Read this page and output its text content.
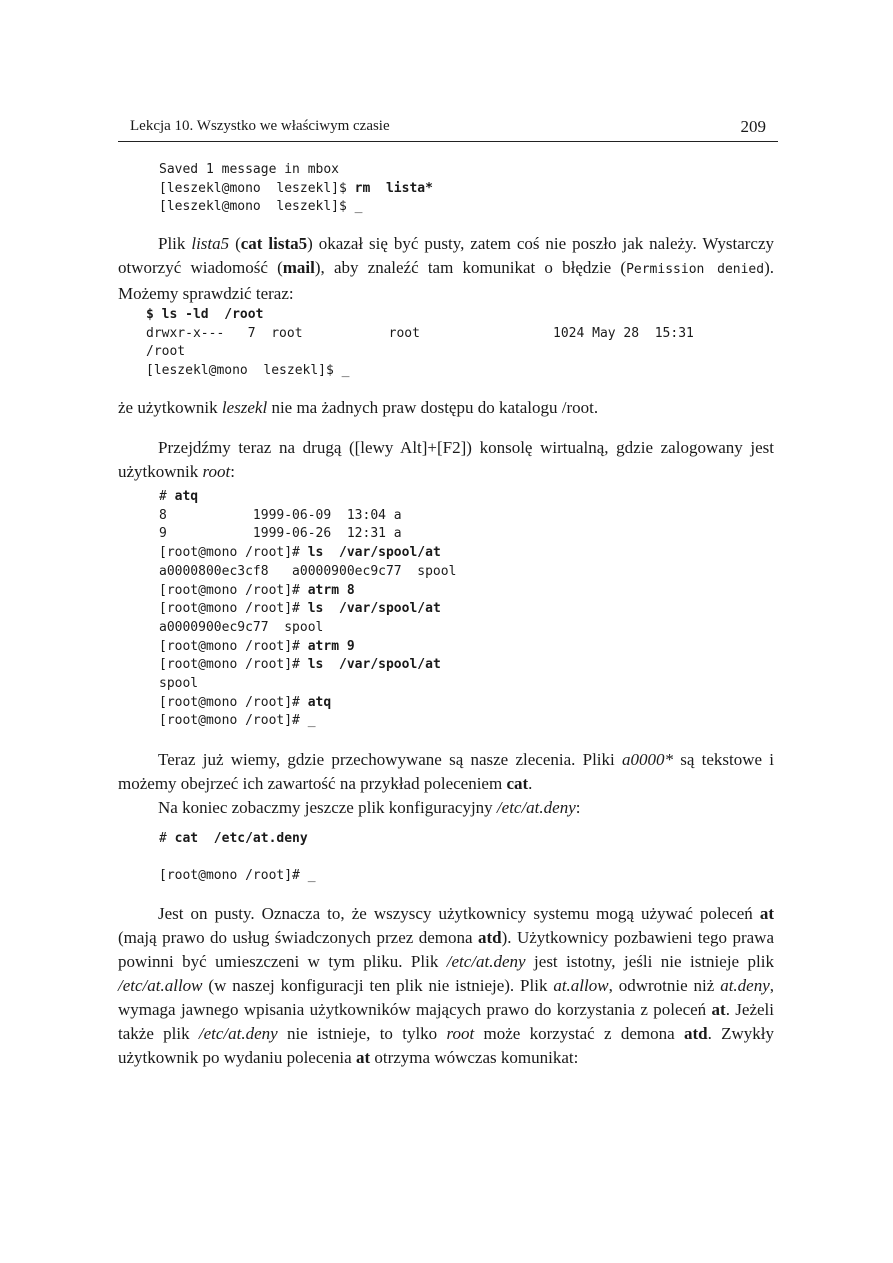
Lekcja 10. Wszystko we właściwym czasie	209
Saved 1 message in mbox
[leszekl@mono  leszekl]$ rm  lista*
[leszekl@mono  leszekl]$ _

Plik lista5 (cat lista5) okazał się być pusty, zatem coś nie poszło jak należy. Wystarczy otworzyć wiadomość (mail), aby znaleźć tam komunikat o błędzie (Permission denied). Możemy sprawdzić teraz:

$ ls -ld  /root
drwxr-x---   7  root           root                 1024 May 28  15:31
/root
[leszekl@mono  leszekl]$ _

że użytkownik leszekl nie ma żadnych praw dostępu do katalogu /root.

Przejdźmy teraz na drugą ([lewy Alt]+[F2]) konsolę wirtualną, gdzie zalogowany jest użytkownik root:

# atq
8           1999-06-09  13:04 a
9           1999-06-26  12:31 a
[root@mono /root]# ls  /var/spool/at
a0000800ec3cf8   a0000900ec9c77  spool
[root@mono /root]# atrm 8
[root@mono /root]# ls  /var/spool/at
a0000900ec9c77  spool
[root@mono /root]# atrm 9
[root@mono /root]# ls  /var/spool/at
spool
[root@mono /root]# atq
[root@mono /root]# _

Teraz już wiemy, gdzie przechowywane są nasze zlecenia. Pliki a0000* są tekstowe i możemy obejrzeć ich zawartość na przykład poleceniem cat.

Na koniec zobaczmy jeszcze plik konfiguracyjny /etc/at.deny:

# cat  /etc/at.deny

[root@mono /root]# _

Jest on pusty. Oznacza to, że wszyscy użytkownicy systemu mogą używać poleceń at (mają prawo do usług świadczonych przez demona atd). Użytkownicy pozbawieni tego prawa powinni być umieszczeni w tym pliku. Plik /etc/at.deny jest istotny, jeśli nie istnieje plik /etc/at.allow (w naszej konfiguracji ten plik nie istnieje). Plik at.allow, odwrotnie niż at.deny, wymaga jawnego wpisania użytkowników mających prawo do korzystania z poleceń at. Jeżeli także plik /etc/at.deny nie istnieje, to tylko root może korzystać z demona atd. Zwykły użytkownik po wydaniu polecenia at otrzyma wówczas komunikat:
